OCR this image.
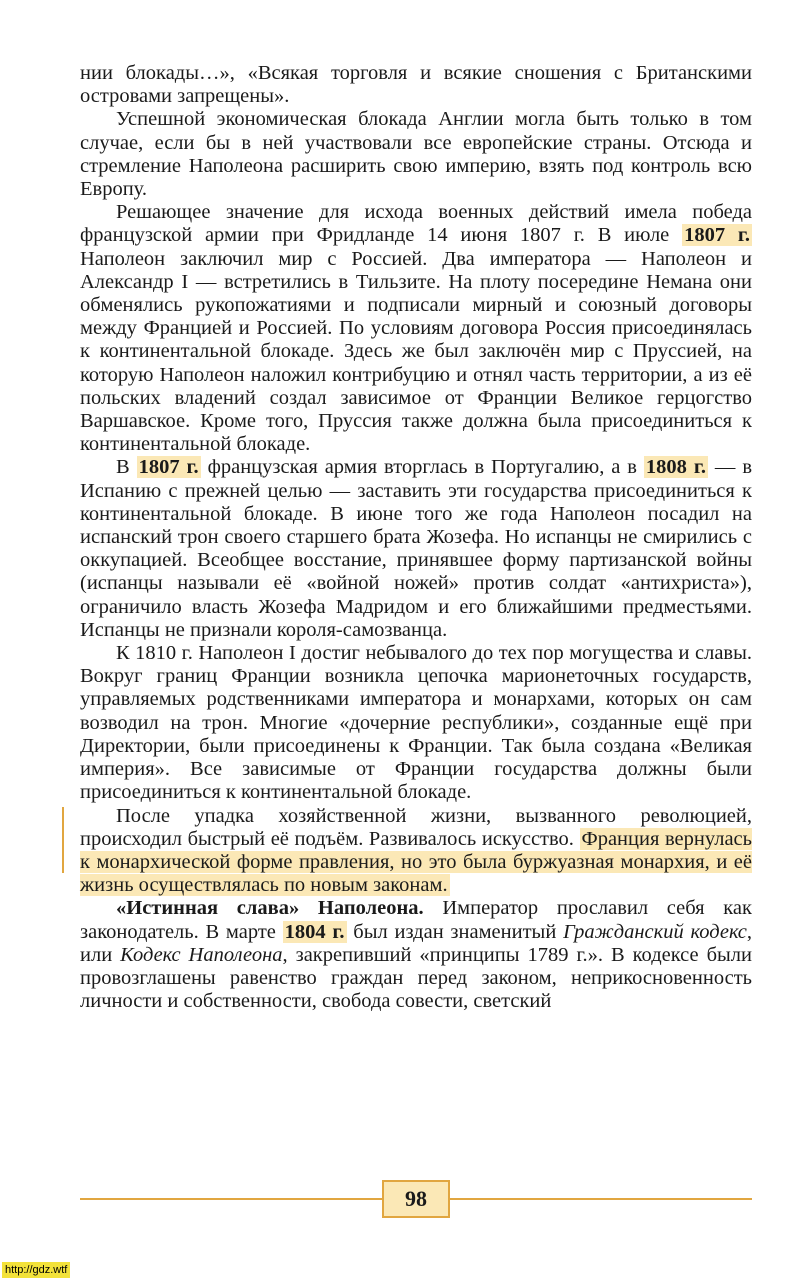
нии блокады…», «Всякая торговля и всякие сношения с Британскими островами запрещены».

Успешной экономическая блокада Англии могла быть только в том случае, если бы в ней участвовали все европейские страны. Отсюда и стремление Наполеона расширить свою империю, взять под контроль всю Европу.

Решающее значение для исхода военных действий имела победа французской армии при Фридланде 14 июня 1807 г. В июле 1807 г. Наполеон заключил мир с Россией. Два императора — Наполеон и Александр I — встретились в Тильзите. На плоту посередине Немана они обменялись рукопожатиями и подписали мирный и союзный договоры между Францией и Россией. По условиям договора Россия присоединялась к континентальной блокаде. Здесь же был заключён мир с Пруссией, на которую Наполеон наложил контрибуцию и отнял часть территории, а из её польских владений создал зависимое от Франции Великое герцогство Варшавское. Кроме того, Пруссия также должна была присоединиться к континентальной блокаде.

В 1807 г. французская армия вторглась в Португалию, а в 1808 г. — в Испанию с прежней целью — заставить эти государства присоединиться к континентальной блокаде. В июне того же года Наполеон посадил на испанский трон своего старшего брата Жозефа. Но испанцы не смирились с оккупацией. Всеобщее восстание, принявшее форму партизанской войны (испанцы называли её «войной ножей» против солдат «антихриста»), ограничило власть Жозефа Мадридом и его ближайшими предместьями. Испанцы не признали короля-самозванца.

К 1810 г. Наполеон I достиг небывалого до тех пор могущества и славы. Вокруг границ Франции возникла цепочка марионеточных государств, управляемых родственниками императора и монархами, которых он сам возводил на трон. Многие «дочерние республики», созданные ещё при Директории, были присоединены к Франции. Так была создана «Великая империя». Все зависимые от Франции государства должны были присоединиться к континентальной блокаде.

После упадка хозяйственной жизни, вызванного революцией, происходил быстрый её подъём. Развивалось искусство. Франция вернулась к монархической форме правления, но это была буржуазная монархия, и её жизнь осуществлялась по новым законам.

«Истинная слава» Наполеона. Император прославил себя как законодатель. В марте 1804 г. был издан знаменитый Гражданский кодекс, или Кодекс Наполеона, закрепивший «принципы 1789 г.». В кодексе были провозглашены равенство граждан перед законом, неприкосновенность личности и собственности, свобода совести, светский

98
http://gdz.wtf
